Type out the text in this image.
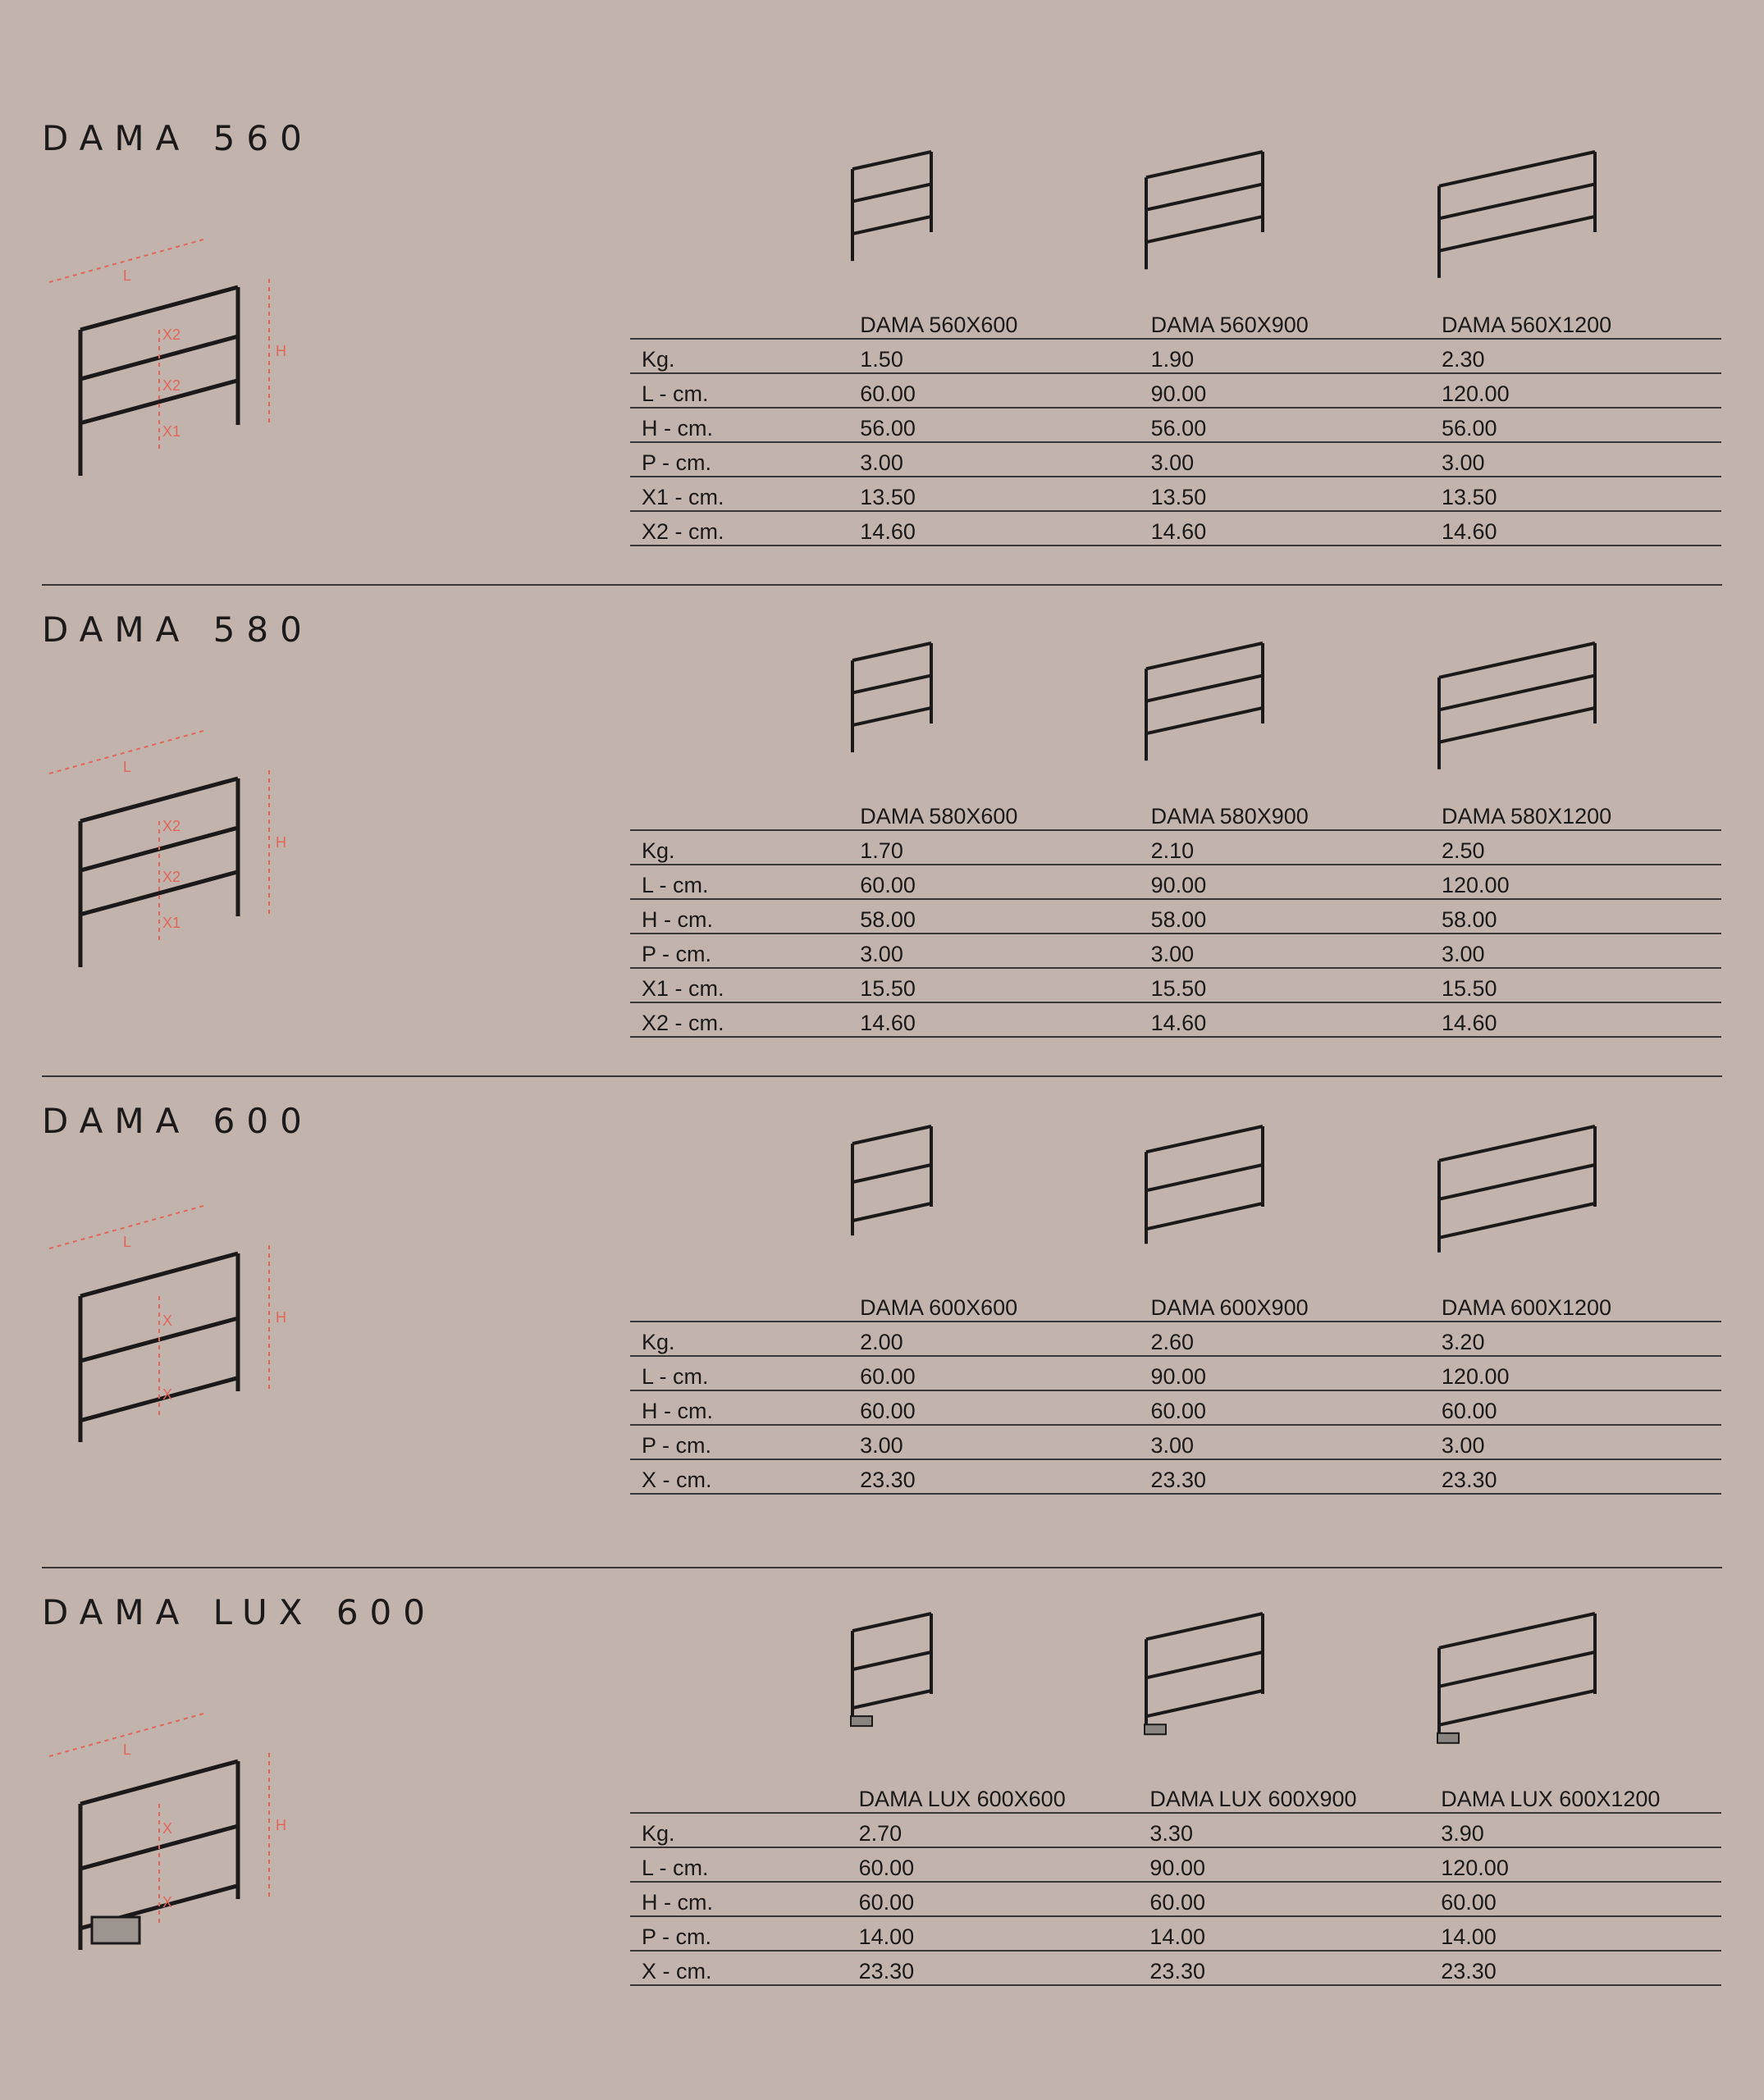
DAMA 560
L
H
X2
X2
X1
	DAMA 560X600	DAMA 560X900	DAMA 560X1200
Kg.	1.50	1.90	2.30
L - cm.	60.00	90.00	120.00
H - cm.	56.00	56.00	56.00
P - cm.	3.00	3.00	3.00
X1 - cm.	13.50	13.50	13.50
X2 - cm.	14.60	14.60	14.60
DAMA 580
L
H
X2
X2
X1
	DAMA 580X600	DAMA 580X900	DAMA 580X1200
Kg.	1.70	2.10	2.50
L - cm.	60.00	90.00	120.00
H - cm.	58.00	58.00	58.00
P - cm.	3.00	3.00	3.00
X1 - cm.	15.50	15.50	15.50
X2 - cm.	14.60	14.60	14.60
DAMA 600
L
H
X
X
	DAMA 600X600	DAMA 600X900	DAMA 600X1200
Kg.	2.00	2.60	3.20
L - cm.	60.00	90.00	120.00
H - cm.	60.00	60.00	60.00
P - cm.	3.00	3.00	3.00
X - cm.	23.30	23.30	23.30
DAMA LUX 600
L
H
X
X
	DAMA LUX 600X600	DAMA LUX 600X900	DAMA LUX 600X1200
Kg.	2.70	3.30	3.90
L - cm.	60.00	90.00	120.00
H - cm.	60.00	60.00	60.00
P - cm.	14.00	14.00	14.00
X - cm.	23.30	23.30	23.30
